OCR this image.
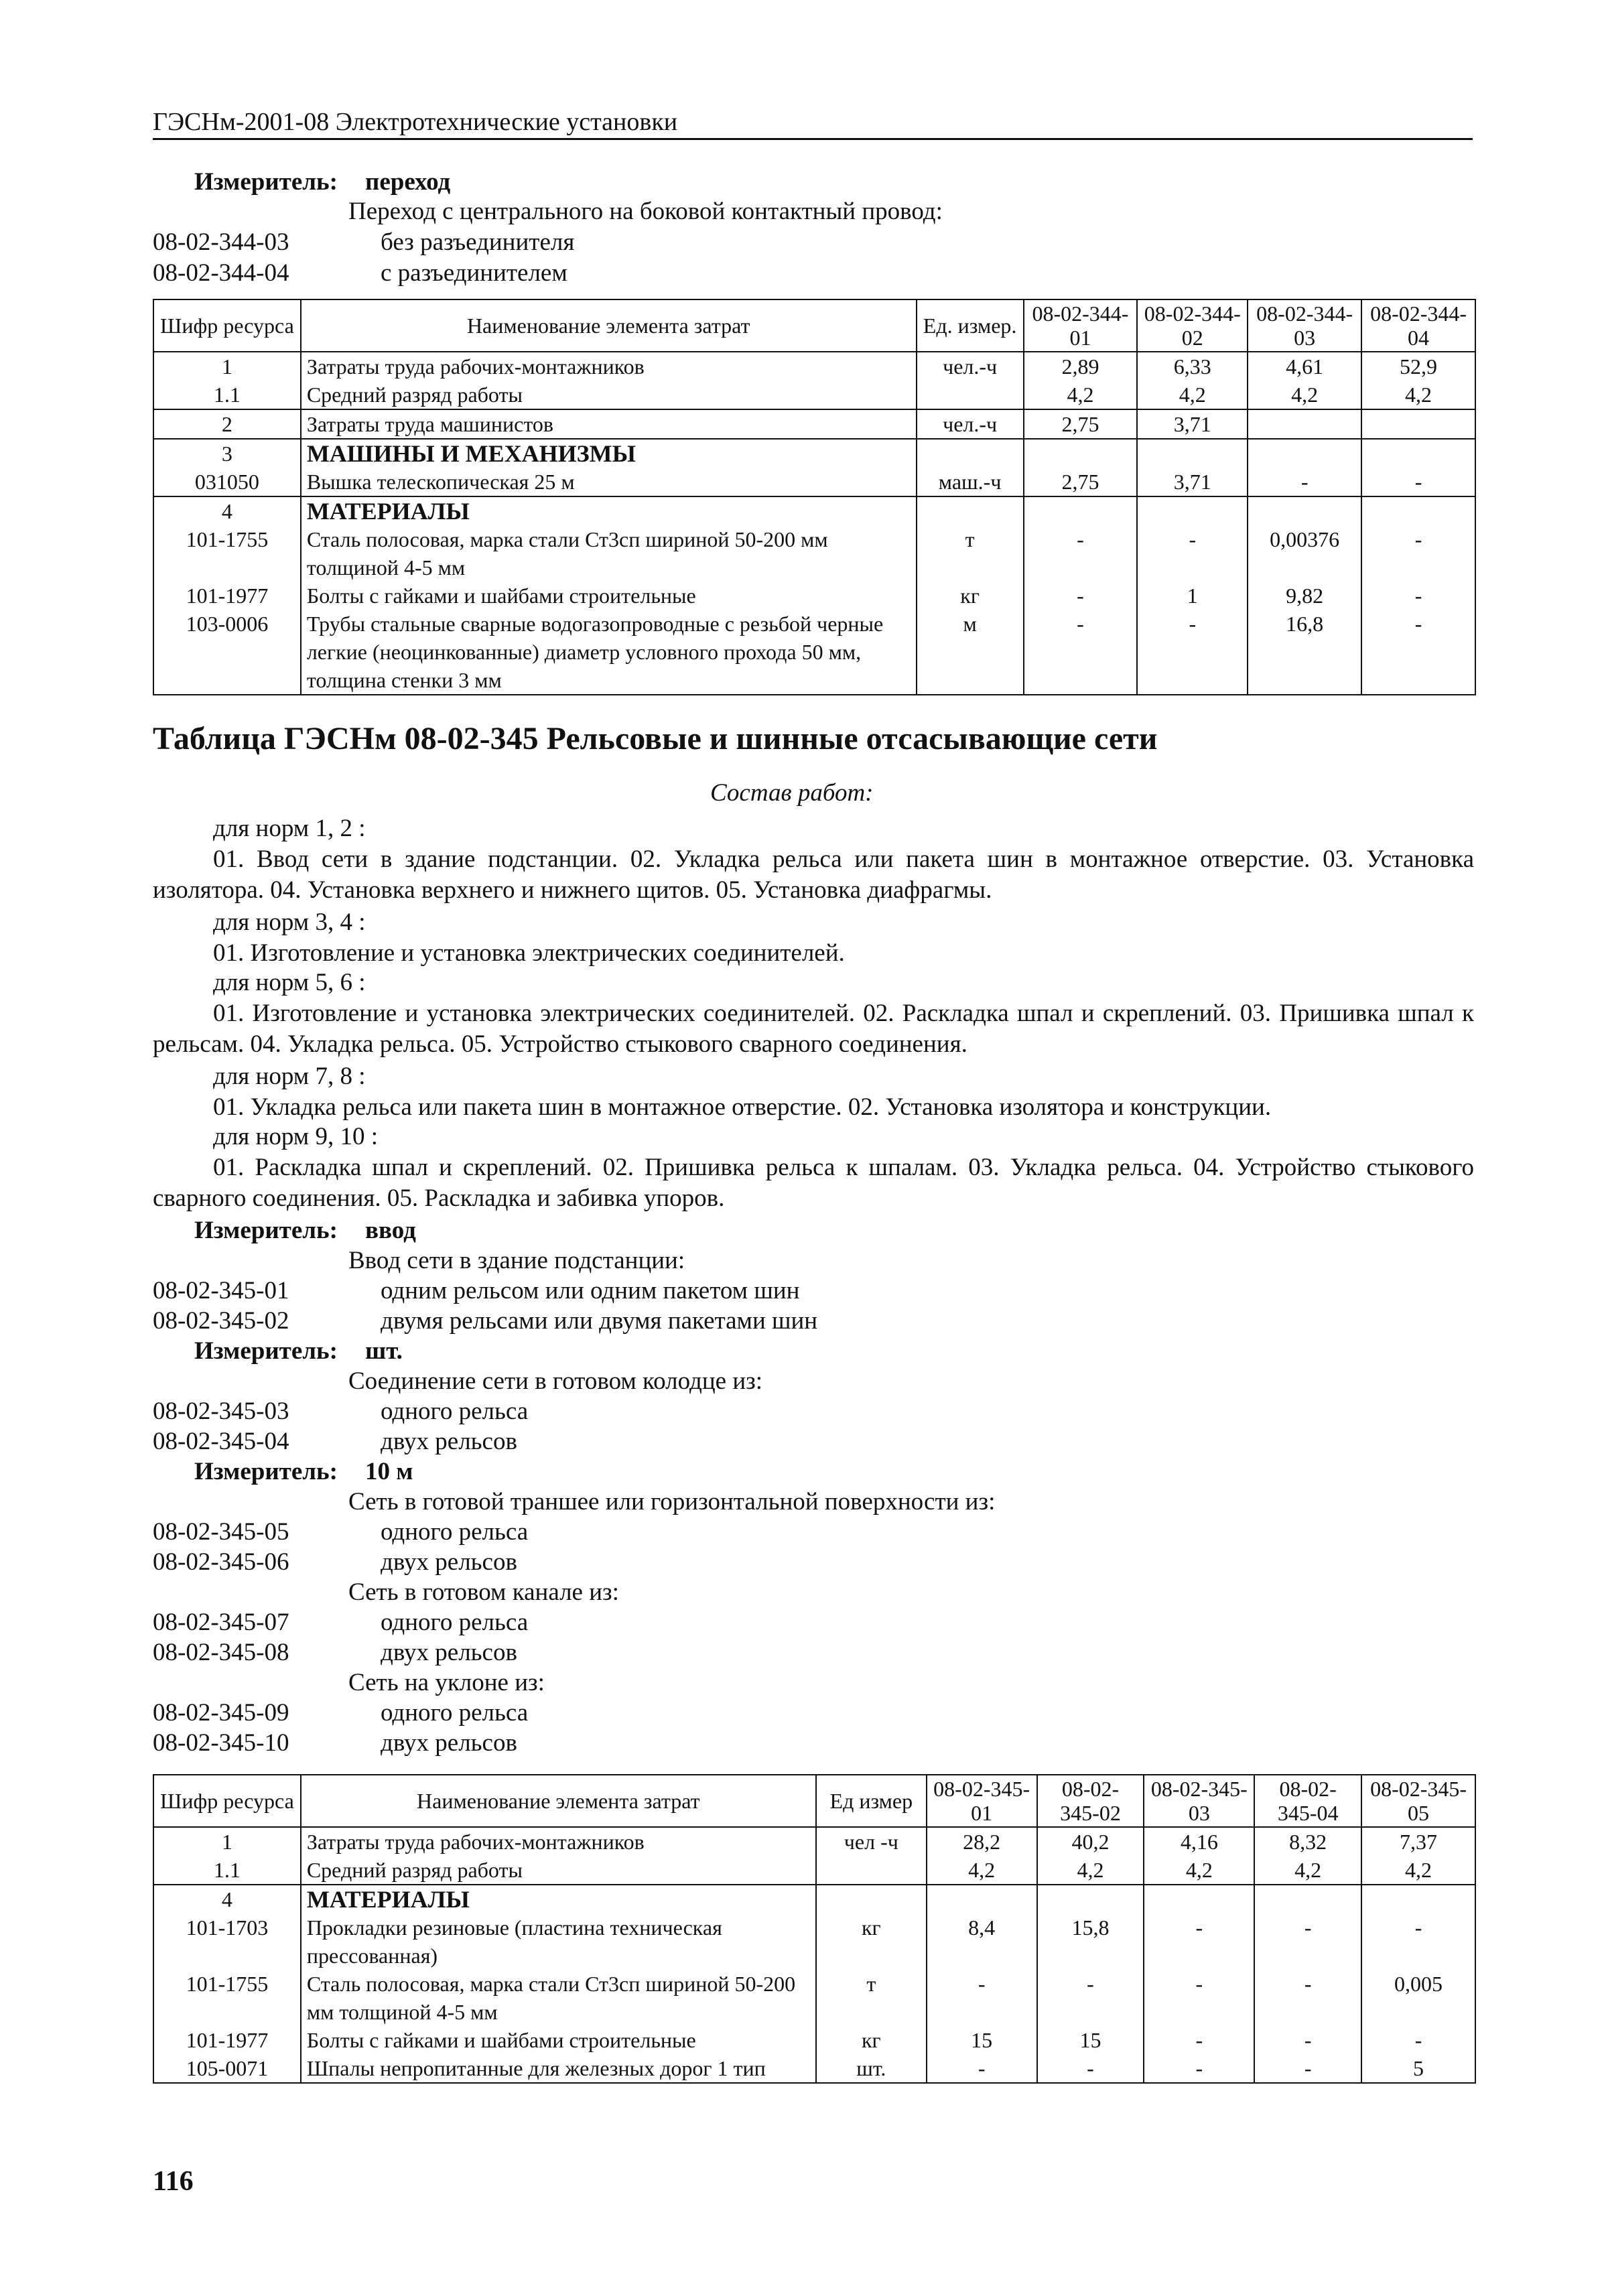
ГЭСНм-2001-08 Электротехнические установки
Измеритель: переход
Переход с центрального на боковой контактный провод:
08-02-344-03	без разъединителя
08-02-344-04	с разъединителем
Шифр ресурса	Наименование элемента затрат	Ед. измер.	08-02-344-01	08-02-344-02	08-02-344-03	08-02-344-04
1	Затраты труда рабочих-монтажников	чел.-ч	2,89	6,33	4,61	52,9
1.1	Средний разряд работы		4,2	4,2	4,2	4,2
2	Затраты труда машинистов	чел.-ч	2,75	3,71		
3	МАШИНЫ И МЕХАНИЗМЫ					
031050	Вышка телескопическая 25 м	маш.-ч	2,75	3,71	-	-
4	МАТЕРИАЛЫ					
101-1755	Сталь полосовая, марка стали Ст3сп шириной 50-200 мм толщиной 4-5 мм	т	-	-	0,00376	-
101-1977	Болты с гайками и шайбами строительные	кг	-	1	9,82	-
103-0006	Трубы стальные сварные водогазопроводные с резьбой черные легкие (неоцинкованные) диаметр условного прохода 50 мм, толщина стенки 3 мм	м	-	-	16,8	-
Таблица ГЭСНм 08-02-345 Рельсовые и шинные отсасывающие сети
Состав работ:
для норм 1, 2 :
01. Ввод сети в здание подстанции. 02. Укладка рельса или пакета шин в монтажное отверстие. 03. Установка изолятора. 04. Установка верхнего и нижнего щитов. 05. Установка диафрагмы.
для норм 3, 4 :
01. Изготовление и установка электрических соединителей.
для норм 5, 6 :
01. Изготовление и установка электрических соединителей. 02. Раскладка шпал и скреплений. 03. Пришивка шпал к рельсам. 04. Укладка рельса. 05. Устройство стыкового сварного соединения.
для норм 7, 8 :
01. Укладка рельса или пакета шин в монтажное отверстие. 02. Установка изолятора и конструкции.
для норм 9, 10 :
01. Раскладка шпал и скреплений. 02. Пришивка рельса к шпалам. 03. Укладка рельса. 04. Устройство стыкового сварного соединения. 05. Раскладка и забивка упоров.
Измеритель: ввод
Ввод сети в здание подстанции:
08-02-345-01	одним рельсом или одним пакетом шин
08-02-345-02	двумя рельсами или двумя пакетами шин
Измеритель: шт.
Соединение сети в готовом колодце из:
08-02-345-03	одного рельса
08-02-345-04	двух рельсов
Измеритель: 10 м
Сеть в готовой траншее или горизонтальной поверхности из:
08-02-345-05	одного рельса
08-02-345-06	двух рельсов
Сеть в готовом канале из:
08-02-345-07	одного рельса
08-02-345-08	двух рельсов
Сеть на уклоне из:
08-02-345-09	одного рельса
08-02-345-10	двух рельсов
Шифр ресурса	Наименование элемента затрат	Ед измер	08-02-345-01	08-02-345-02	08-02-345-03	08-02-345-04	08-02-345-05
1	Затраты труда рабочих-монтажников	чел -ч	28,2	40,2	4,16	8,32	7,37
1.1	Средний разряд работы		4,2	4,2	4,2	4,2	4,2
4	МАТЕРИАЛЫ						
101-1703	Прокладки резиновые (пластина техническая прессованная)	кг	8,4	15,8	-	-	-
101-1755	Сталь полосовая, марка стали Ст3сп шириной 50-200 мм толщиной 4-5 мм	т	-	-	-	-	0,005
101-1977	Болты с гайками и шайбами строительные	кг	15	15	-	-	-
105-0071	Шпалы непропитанные для железных дорог 1 тип	шт.	-	-	-	-	5
116
